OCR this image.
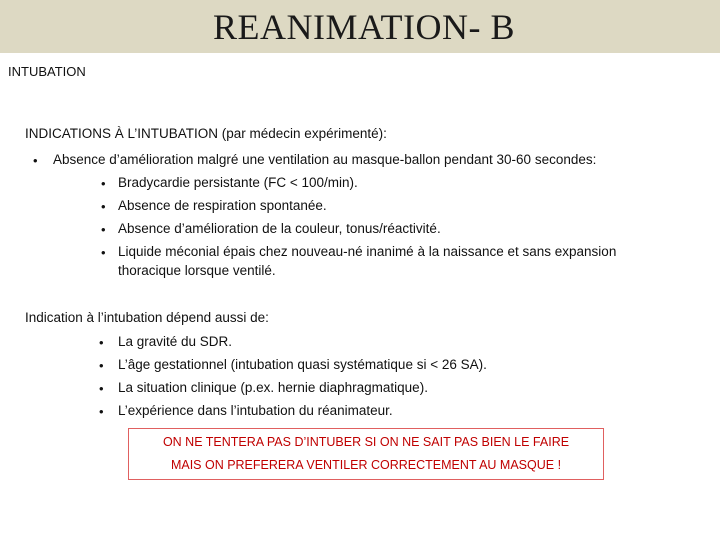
REANIMATION- B
INTUBATION
INDICATIONS À L’INTUBATION (par médecin expérimenté):
• Absence d’amélioration malgré une ventilation au masque-ballon pendant 30-60 secondes:
• Bradycardie persistante (FC < 100/min).
• Absence de respiration spontanée.
• Absence d’amélioration de la couleur, tonus/réactivité.
• Liquide méconial épais chez nouveau-né inanimé à la naissance et sans expansion
thoracique lorsque ventilé.
Indication à l’intubation dépend aussi de:
• La gravité du SDR.
• L’âge gestationnel (intubation quasi systématique si < 26 SA).
• La situation clinique (p.ex. hernie diaphragmatique).
• L’expérience dans l’intubation du réanimateur.
ON NE TENTERA PAS D’INTUBER SI ON NE SAIT PAS BIEN LE FAIRE
MAIS ON PREFERERA VENTILER CORRECTEMENT AU MASQUE !
